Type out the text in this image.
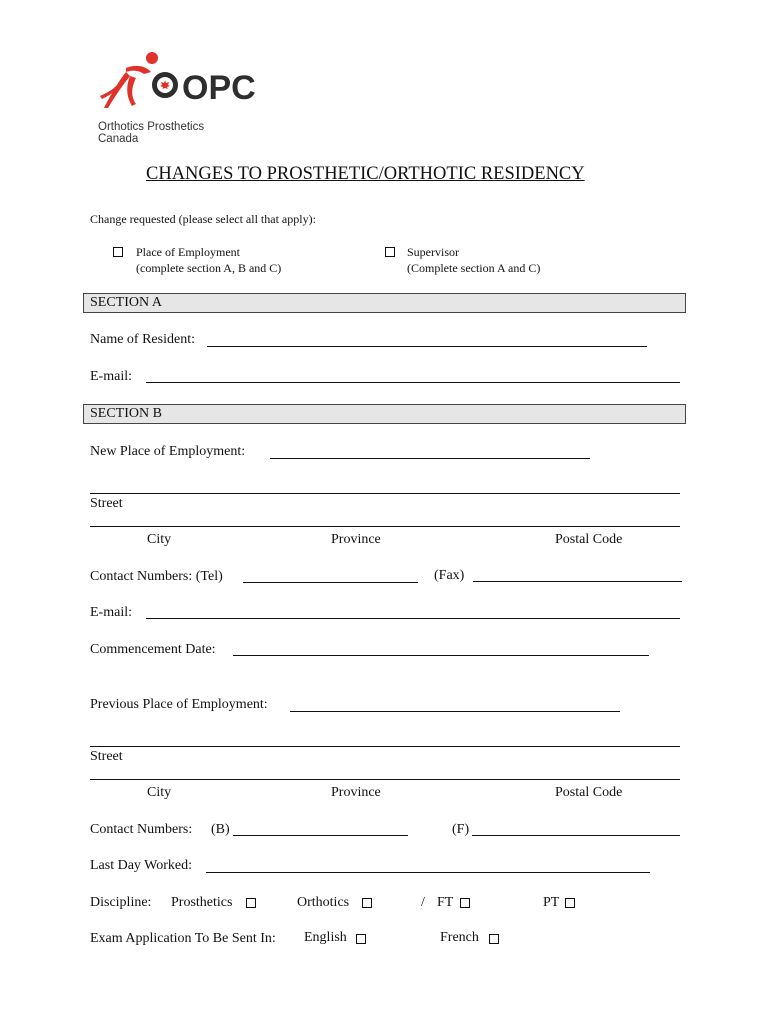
OPC
Orthotics Prosthetics Canada
CHANGES TO PROSTHETIC/ORTHOTIC RESIDENCY
Change requested (please select all that apply):
Place of Employment
(complete section A, B and C)
Supervisor
(Complete section A and C)
SECTION A
Name of Resident:
E-mail:
SECTION B
New Place of Employment:
Street
City	Province	Postal Code
Contact Numbers: (Tel)	(Fax)
E-mail:
Commencement Date:
Previous Place of Employment:
Street
City	Province	Postal Code
Contact Numbers: (B)	(F)
Last Day Worked:
Discipline: Prosthetics	Orthotics	/ FT	PT
Exam Application To Be Sent In: English	French
